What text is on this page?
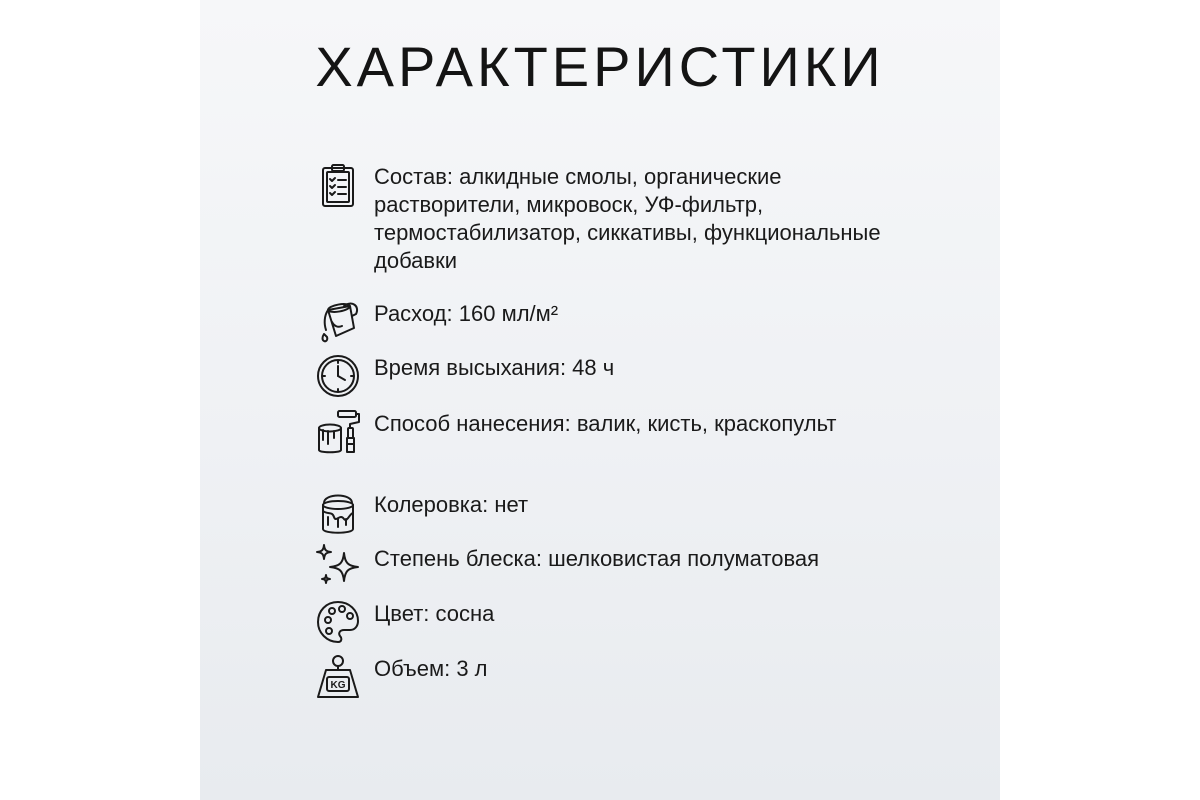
ХАРАКТЕРИСТИКИ
Состав: алкидные смолы, органические растворители, микровоск, УФ-фильтр, термостабилизатор, сиккативы, функциональные добавки
Расход: 160 мл/м²
Время высыхания: 48 ч
Способ нанесения: валик, кисть, краскопульт
Колеровка: нет
Степень блеска: шелковистая полуматовая
Цвет: сосна
KG
Объем: 3 л
